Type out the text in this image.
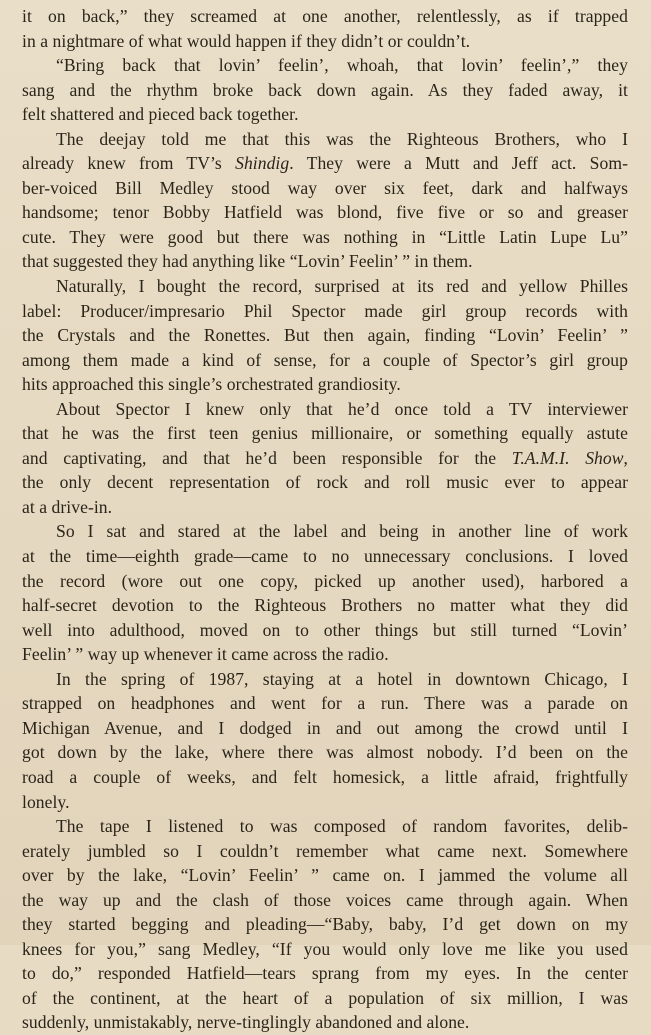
it on back,” they screamed at one another, relentlessly, as if trapped
in a nightmare of what would happen if they didn’t or couldn’t.
“Bring back that lovin’ feelin’, whoah, that lovin’ feelin’,” they
sang and the rhythm broke back down again. As they faded away, it
felt shattered and pieced back together.
The deejay told me that this was the Righteous Brothers, who I
already knew from TV’s Shindig. They were a Mutt and Jeff act. Som-
ber-voiced Bill Medley stood way over six feet, dark and halfways
handsome; tenor Bobby Hatfield was blond, five five or so and greaser
cute. They were good but there was nothing in “Little Latin Lupe Lu”
that suggested they had anything like “Lovin’ Feelin’ ” in them.
Naturally, I bought the record, surprised at its red and yellow Philles
label: Producer/impresario Phil Spector made girl group records with
the Crystals and the Ronettes. But then again, finding “Lovin’ Feelin’ ”
among them made a kind of sense, for a couple of Spector’s girl group
hits approached this single’s orchestrated grandiosity.
About Spector I knew only that he’d once told a TV interviewer
that he was the first teen genius millionaire, or something equally astute
and captivating, and that he’d been responsible for the T.A.M.I. Show,
the only decent representation of rock and roll music ever to appear
at a drive-in.
So I sat and stared at the label and being in another line of work
at the time—eighth grade—came to no unnecessary conclusions. I loved
the record (wore out one copy, picked up another used), harbored a
half-secret devotion to the Righteous Brothers no matter what they did
well into adulthood, moved on to other things but still turned “Lovin’
Feelin’ ” way up whenever it came across the radio.
In the spring of 1987, staying at a hotel in downtown Chicago, I
strapped on headphones and went for a run. There was a parade on
Michigan Avenue, and I dodged in and out among the crowd until I
got down by the lake, where there was almost nobody. I’d been on the
road a couple of weeks, and felt homesick, a little afraid, frightfully
lonely.
The tape I listened to was composed of random favorites, delib-
erately jumbled so I couldn’t remember what came next. Somewhere
over by the lake, “Lovin’ Feelin’ ” came on. I jammed the volume all
the way up and the clash of those voices came through again. When
they started begging and pleading—“Baby, baby, I’d get down on my
knees for you,” sang Medley, “If you would only love me like you used
to do,” responded Hatfield—tears sprang from my eyes. In the center
of the continent, at the heart of a population of six million, I was
suddenly, unmistakably, nerve-tinglingly abandoned and alone.
